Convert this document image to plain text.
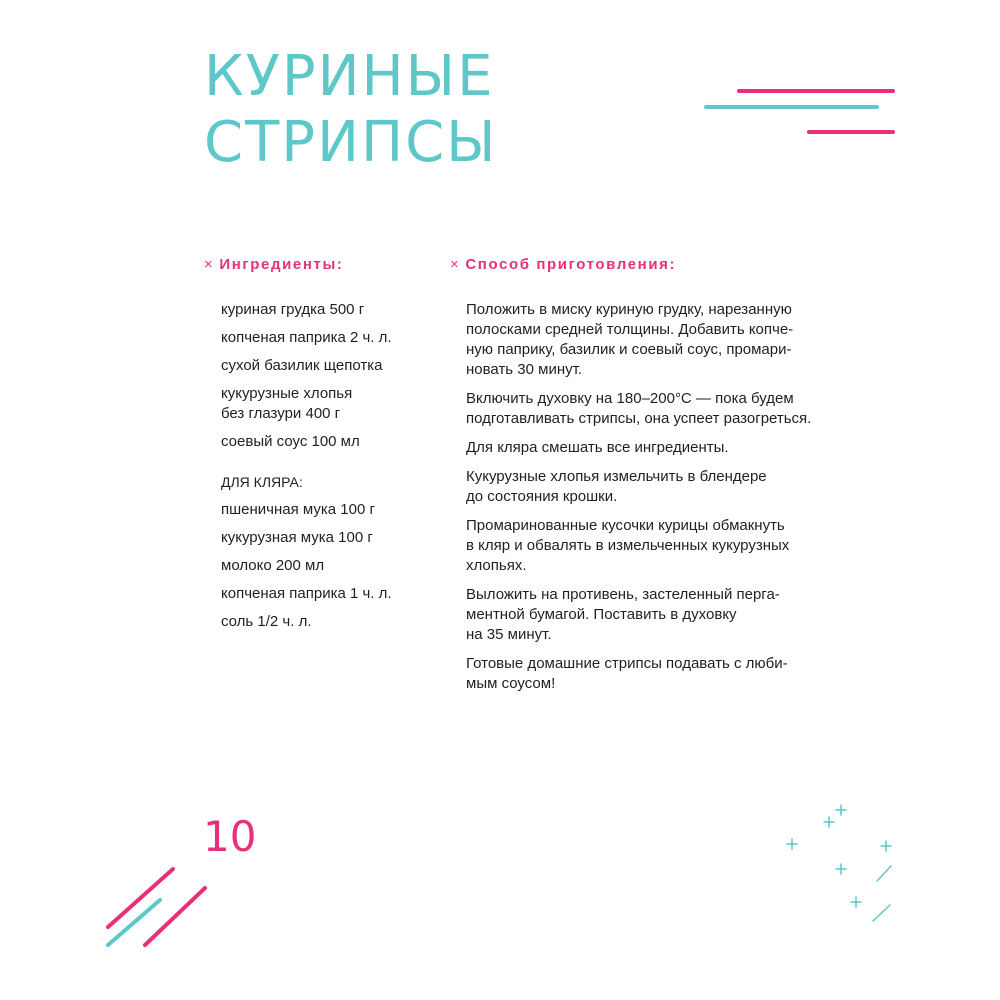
КУРИНЫЕ
СТРИПСЫ
× Ингредиенты:	× Способ приготовления:
куриная грудка 500 г
копченая паприка 2 ч. л.
сухой базилик щепотка
кукурузные хлопья
без глазури 400 г
соевый соус 100 мл
ДЛЯ КЛЯРА:
пшеничная мука 100 г
кукурузная мука 100 г
молоко 200 мл
копченая паприка 1 ч. л.
соль 1/2 ч. л.
Положить в миску куриную грудку, нарезанную
полосками средней толщины. Добавить копче-
ную паприку, базилик и соевый соус, промари-
новать 30 минут.
Включить духовку на 180–200°С — пока будем
подготавливать стрипсы, она успеет разогреться.
Для кляра смешать все ингредиенты.
Кукурузные хлопья измельчить в блендере
до состояния крошки.
Промаринованные кусочки курицы обмакнуть
в кляр и обвалять в измельченных кукурузных
хлопьях.
Выложить на противень, застеленный перга-
ментной бумагой. Поставить в духовку
на 35 минут.
Готовые домашние стрипсы подавать с люби-
мым соусом!
10
